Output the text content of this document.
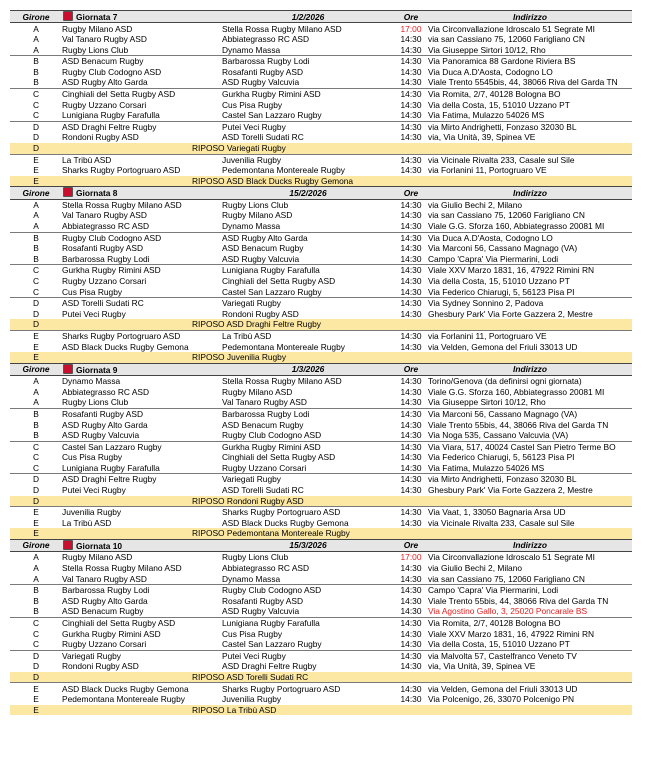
Girone	Giornata 7	1/2/2026	Ore	Indirizzo
A	Rugby Milano ASD	Stella Rossa Rugby Milano ASD	17:00	Via Circonvallazione Idroscalo 51 Segrate MI
A	Val Tanaro Rugby ASD	Abbiategrasso RC ASD	14:30	via san Cassiano 75, 12060 Farigliano CN
A	Rugby Lions Club	Dynamo Massa	14:30	Via Giuseppe Sirtori 10/12, Rho
B	ASD Benacum Rugby	Barbarossa Rugby Lodi	14:30	Via Panoramica 88 Gardone Riviera BS
B	Rugby Club Codogno ASD	Rosafanti Rugby ASD	14:30	Via Duca A.D'Aosta, Codogno LO
B	ASD Rugby Alto Garda	ASD Rugby Valcuvia	14:30	Viale Trento 5545bis, 44, 38066 Riva del Garda TN
C	Cinghiali del Setta Rugby ASD	Gurkha Rugby Rimini ASD	14:30	Via Romita, 2/7, 40128 Bologna BO
C	Rugby Uzzano Corsari	Cus Pisa Rugby	14:30	Via della Costa, 15, 51010 Uzzano PT
C	Lunigiana Rugby Farafulla	Castel San Lazzaro Rugby	14:30	Via Fatima, Mulazzo 54026 MS
D	ASD Draghi Feltre Rugby	Putei Veci Rugby	14:30	via Mirto Andrighetti, Fonzaso 32030 BL
D	Rondoni Rugby ASD	ASD Torelli Sudati RC	14:30	via, Via Unità, 39, Spinea VE
D	RIPOSO Variegati Rugby			
E	La Tribù ASD	Juvenilia Rugby	14:30	via Vicinale Rivalta 233, Casale sul Sile
E	Sharks Rugby Portogruaro ASD	Pedemontana Montereale Rugby	14:30	via Forlanini 11, Portogruaro VE
E	RIPOSO ASD Black Ducks Rugby Gemona			
Girone	Giornata 8	15/2/2026	Ore	Indirizzo
A	Stella Rossa Rugby Milano ASD	Rugby Lions Club	14:30	via Giulio Bechi 2, Milano
A	Val Tanaro Rugby ASD	Rugby Milano ASD	14:30	via san Cassiano 75, 12060 Farigliano CN
A	Abbiategrasso RC ASD	Dynamo Massa	14:30	Viale G.G. Sforza 160, Abbiategrasso 20081 MI
B	Rugby Club Codogno ASD	ASD Rugby Alto Garda	14:30	Via Duca A.D'Aosta, Codogno LO
B	Rosafanti Rugby ASD	ASD Benacum Rugby	14:30	Via Marconi 56, Cassano Magnago (VA)
B	Barbarossa Rugby Lodi	ASD Rugby Valcuvia	14:30	Campo 'Capra' Via Piermarini, Lodi
C	Gurkha Rugby Rimini ASD	Lunigiana Rugby Farafulla	14:30	Viale XXV Marzo 1831, 16, 47922 Rimini RN
C	Rugby Uzzano Corsari	Cinghiali del Setta Rugby ASD	14:30	Via della Costa, 15, 51010 Uzzano PT
C	Cus Pisa Rugby	Castel San Lazzaro Rugby	14:30	Via Federico Chiarugi, 5, 56123 Pisa PI
D	ASD Torelli Sudati RC	Variegati Rugby	14:30	Via Sydney Sonnino 2, Padova
D	Putei Veci Rugby	Rondoni Rugby ASD	14:30	Ghesbury Park' Via Forte Gazzera 2, Mestre
D	RIPOSO ASD Draghi Feltre Rugby			
E	Sharks Rugby Portogruaro ASD	La Tribù ASD	14:30	via Forlanini 11, Portogruaro VE
E	ASD Black Ducks Rugby Gemona	Pedemontana Montereale Rugby	14:30	via Velden, Gemona del Friuli 33013 UD
E	RIPOSO Juvenilia Rugby			
Girone	Giornata 9	1/3/2026	Ore	Indirizzo
A	Dynamo Massa	Stella Rossa Rugby Milano ASD	14:30	Torino/Genova (da definirsi ogni giornata)
A	Abbiategrasso RC ASD	Rugby Milano ASD	14:30	Viale G.G. Sforza 160, Abbiategrasso 20081 MI
A	Rugby Lions Club	Val Tanaro Rugby ASD	14:30	Via Giuseppe Sirtori 10/12, Rho
B	Rosafanti Rugby ASD	Barbarossa Rugby Lodi	14:30	Via Marconi 56, Cassano Magnago (VA)
B	ASD Rugby Alto Garda	ASD Benacum Rugby	14:30	Viale Trento 55bis, 44, 38066 Riva del Garda TN
B	ASD Rugby Valcuvia	Rugby Club Codogno ASD	14:30	Via Noga 535, Cassano Valcuvia (VA)
C	Castel San Lazzaro Rugby	Gurkha Rugby Rimini ASD	14:30	Via Viara, 517, 40024 Castel San Pietro Terme BO
C	Cus Pisa Rugby	Cinghiali del Setta Rugby ASD	14:30	Via Federico Chiarugi, 5, 56123 Pisa PI
C	Lunigiana Rugby Farafulla	Rugby Uzzano Corsari	14:30	Via Fatima, Mulazzo 54026 MS
D	ASD Draghi Feltre Rugby	Variegati Rugby	14:30	via Mirto Andrighetti, Fonzaso 32030 BL
D	Putei Veci Rugby	ASD Torelli Sudati RC	14:30	Ghesbury Park' Via Forte Gazzera 2, Mestre
D	RIPOSO Rondoni Rugby ASD			
E	Juvenilia Rugby	Sharks Rugby Portogruaro ASD	14:30	Via Vaat, 1, 33050 Bagnaria Arsa UD
E	La Tribù ASD	ASD Black Ducks Rugby Gemona	14:30	via Vicinale Rivalta 233, Casale sul Sile
E	RIPOSO Pedemontana Montereale Rugby			
Girone	Giornata 10	15/3/2026	Ore	Indirizzo
A	Rugby Milano ASD	Rugby Lions Club	17:00	Via Circonvallazione Idroscalo 51 Segrate MI
A	Stella Rossa Rugby Milano ASD	Abbiategrasso RC ASD	14:30	via Giulio Bechi 2, Milano
A	Val Tanaro Rugby ASD	Dynamo Massa	14:30	via san Cassiano 75, 12060 Farigliano CN
B	Barbarossa Rugby Lodi	Rugby Club Codogno ASD	14:30	Campo 'Capra' Via Piermarini, Lodi
B	ASD Rugby Alto Garda	Rosafanti Rugby ASD	14:30	Viale Trento 55bis, 44, 38066 Riva del Garda TN
B	ASD Benacum Rugby	ASD Rugby Valcuvia	14:30	Via Agostino Gallo, 3, 25020 Poncarale BS
C	Cinghiali del Setta Rugby ASD	Lunigiana Rugby Farafulla	14:30	Via Romita, 2/7, 40128 Bologna BO
C	Gurkha Rugby Rimini ASD	Cus Pisa Rugby	14:30	Viale XXV Marzo 1831, 16, 47922 Rimini RN
C	Rugby Uzzano Corsari	Castel San Lazzaro Rugby	14:30	Via della Costa, 15, 51010 Uzzano PT
D	Variegati Rugby	Putei Veci Rugby	14:30	via Malvolta 57, Castelfranco Veneto TV
D	Rondoni Rugby ASD	ASD Draghi Feltre Rugby	14:30	via, Via Unità, 39, Spinea VE
D	RIPOSO ASD Torelli Sudati RC			
E	ASD Black Ducks Rugby Gemona	Sharks Rugby Portogruaro ASD	14:30	via Velden, Gemona del Friuli 33013 UD
E	Pedemontana Montereale Rugby	Juvenilia Rugby	14:30	Via Polcenigo, 26, 33070 Polcenigo PN
E	RIPOSO La Tribù ASD			
